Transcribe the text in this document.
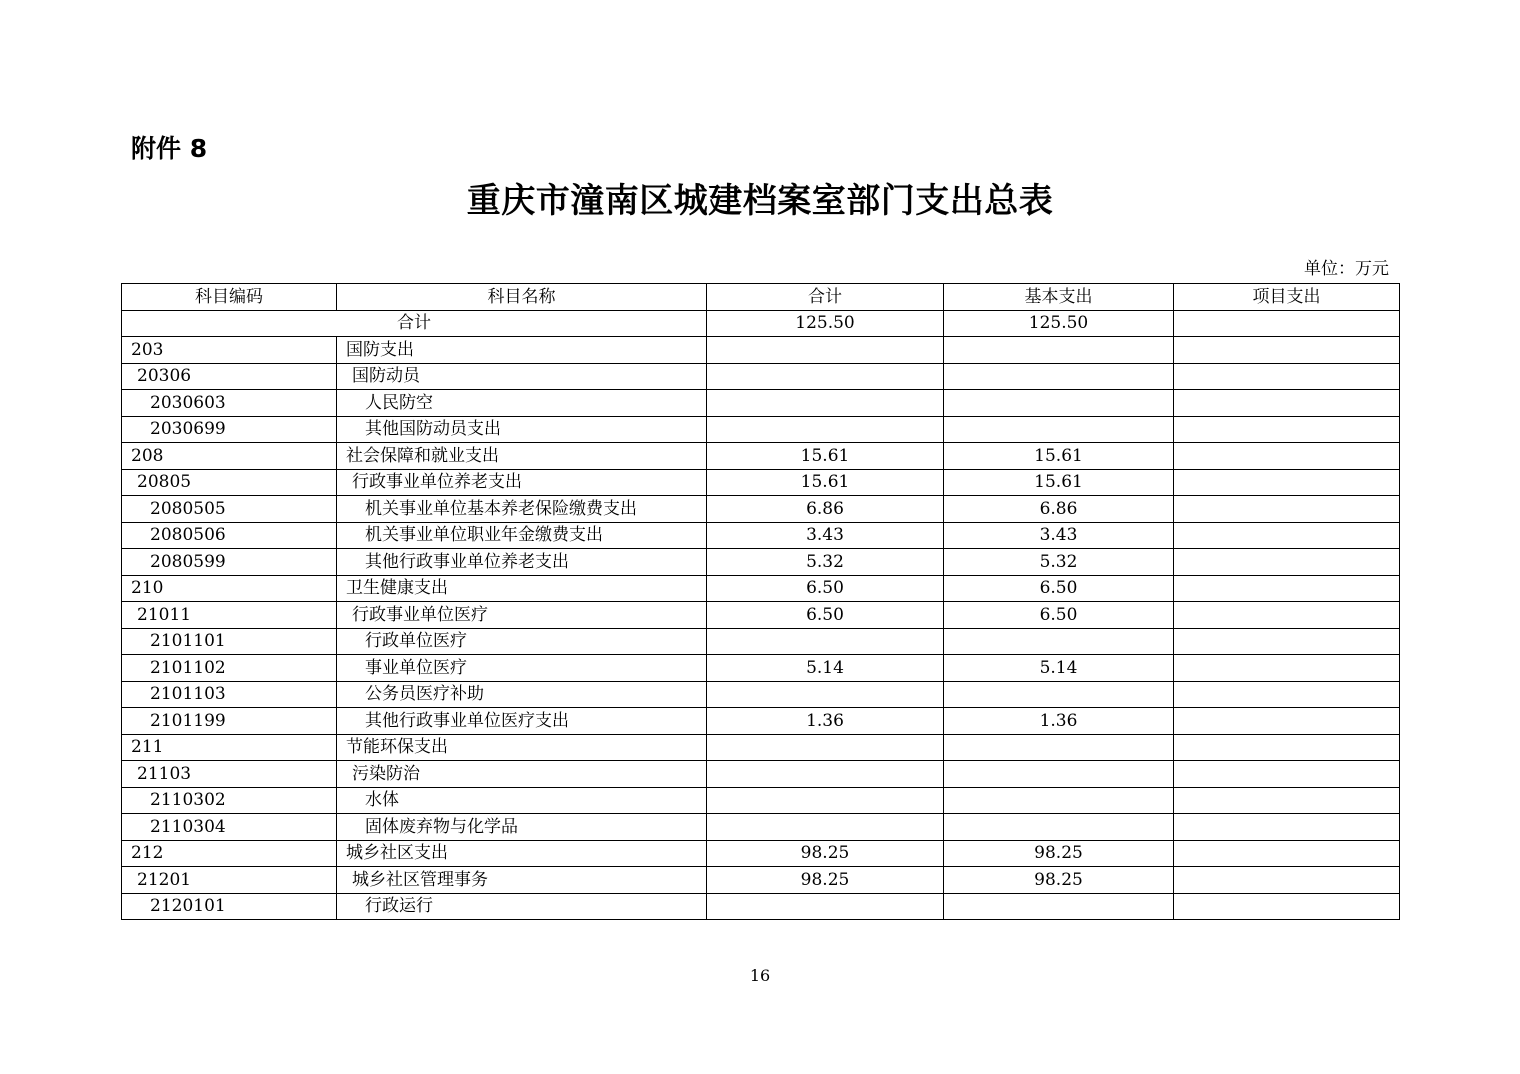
附件 8
重庆市潼南区城建档案室部门支出总表
单位：万元
科目编码	科目名称	合计	基本支出	项目支出
合计		125.50	125.50	
203	国防支出			
20306	国防动员			
2030603	人民防空			
2030699	其他国防动员支出			
208	社会保障和就业支出	15.61	15.61	
20805	行政事业单位养老支出	15.61	15.61	
2080505	机关事业单位基本养老保险缴费支出	6.86	6.86	
2080506	机关事业单位职业年金缴费支出	3.43	3.43	
2080599	其他行政事业单位养老支出	5.32	5.32	
210	卫生健康支出	6.50	6.50	
21011	行政事业单位医疗	6.50	6.50	
2101101	行政单位医疗			
2101102	事业单位医疗	5.14	5.14	
2101103	公务员医疗补助			
2101199	其他行政事业单位医疗支出	1.36	1.36	
211	节能环保支出			
21103	污染防治			
2110302	水体			
2110304	固体废弃物与化学品			
212	城乡社区支出	98.25	98.25	
21201	城乡社区管理事务	98.25	98.25	
2120101	行政运行			
16
